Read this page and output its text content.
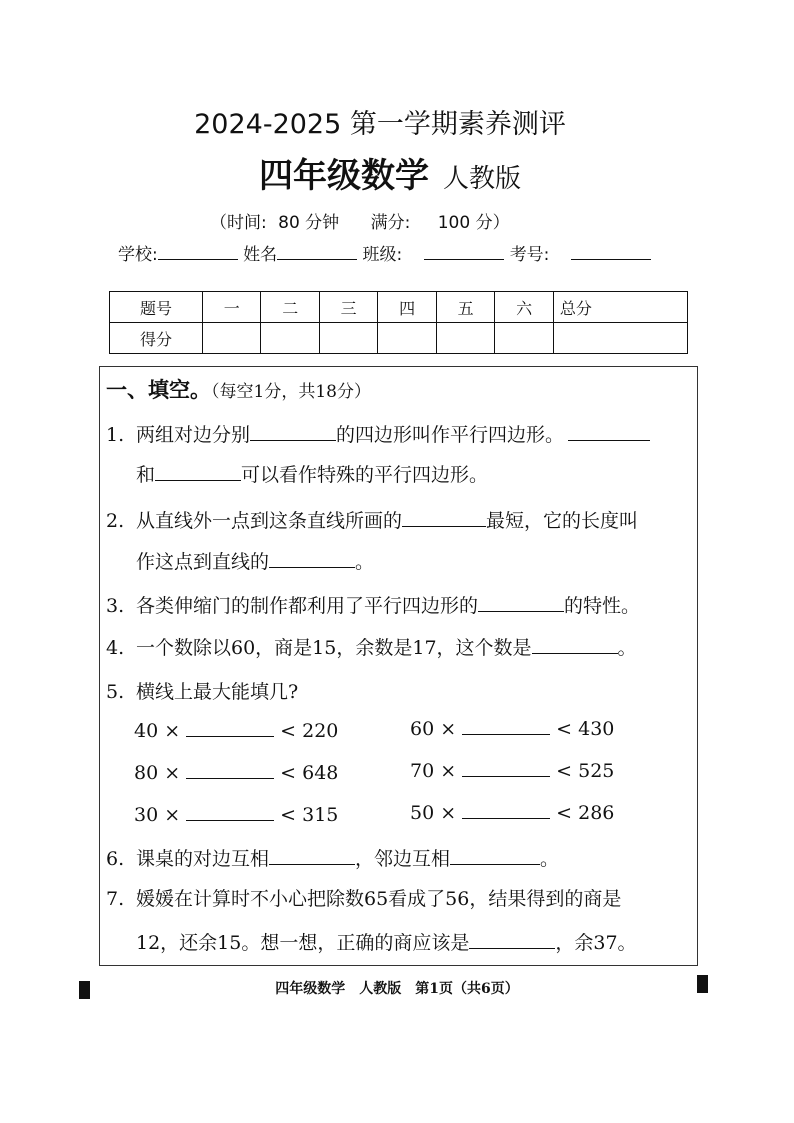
2024-2025 第一学期素养测评
四年级数学 人教版
（时间: 80 分钟 满分: 100 分）
学校:	姓名	班级:	考号:
题号	一	二	三	四	五	六	总分
得分							
一、填空。（每空1分，共18分）
1. 两组对边分别	的四边形叫作平行四边形。
和	可以看作特殊的平行四边形。
2. 从直线外一点到这条直线所画的	最短，它的长度叫
作这点到直线的	。
3. 各类伸缩门的制作都利用了平行四边形的	的特性。
4. 一个数除以60，商是15，余数是17，这个数是	。
5. 横线上最大能填几?
40 ×	< 220	60 ×	< 430
80 ×	< 648	70 ×	< 525
30 ×	< 315	50 ×	< 286
6. 课桌的对边互相	，邻边互相	。
7. 媛媛在计算时不小心把除数65看成了56，结果得到的商是
12，还余15。想一想，正确的商应该是	，余37。
四年级数学　人教版　第1页（共6页）
